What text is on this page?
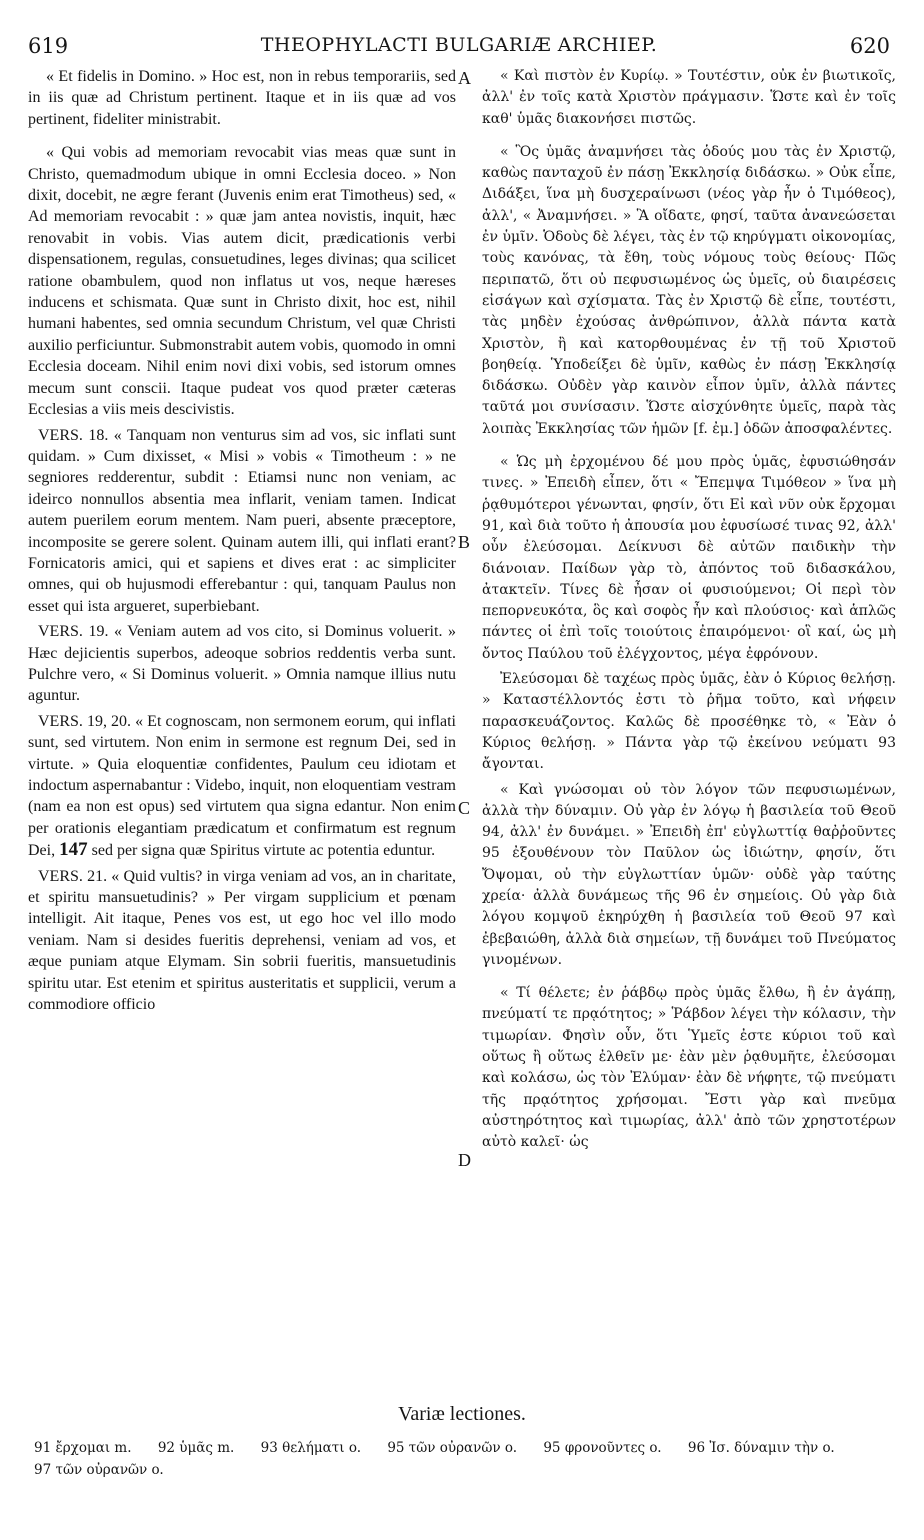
619	THEOPHYLACTI BULGARIÆ ARCHIEP.	620
A
B
C
D

« Et fidelis in Domino. » Hoc est, non in rebus temporariis, sed in iis quæ ad Christum pertinent. Itaque et in iis quæ ad vos pertinent, fideliter ministrabit.

« Qui vobis ad memoriam revocabit vias meas quæ sunt in Christo, quemadmodum ubique in omni Ecclesia doceo. » Non dixit, docebit, ne ægre ferant (Juvenis enim erat Timotheus) sed, « Ad memoriam revocabit : » quæ jam antea novistis, inquit, hæc renovabit in vobis. Vias autem dicit, prædicationis verbi dispensationem, regulas, consuetudines, leges divinas; qua scilicet ratione obambulem, quod non inflatus ut vos, neque hæreses inducens et schismata. Quæ sunt in Christo dixit, hoc est, nihil humani habentes, sed omnia secundum Christum, vel quæ Christi auxilio perficiuntur. Submonstrabit autem vobis, quomodo in omni Ecclesia doceam. Nihil enim novi dixi vobis, sed istorum omnes mecum sunt conscii. Itaque pudeat vos quod præter cæteras Ecclesias a viis meis descivistis.

VERS. 18. « Tanquam non venturus sim ad vos, sic inflati sunt quidam. » Cum dixisset, « Misi » vobis « Timotheum : » ne segniores redderentur, subdit : Etiamsi nunc non veniam, ac ideirco nonnullos absentia mea inflarit, veniam tamen. Indicat autem puerilem eorum mentem. Nam pueri, absente præceptore, incomposite se gerere solent. Quinam autem illi, qui inflati erant? Fornicatoris amici, qui et sapiens et dives erat : ac simpliciter omnes, qui ob hujusmodi efferebantur : qui, tanquam Paulus non esset qui ista argueret, superbiebant.

VERS. 19. « Veniam autem ad vos cito, si Dominus voluerit. » Hæc dejicientis superbos, adeoque sobrios reddentis verba sunt. Pulchre vero, « Si Dominus voluerit. » Omnia namque illius nutu aguntur.

VERS. 19, 20. « Et cognoscam, non sermonem eorum, qui inflati sunt, sed virtutem. Non enim in sermone est regnum Dei, sed in virtute. » Quia eloquentiæ confidentes, Paulum ceu idiotam et indoctum aspernabantur : Videbo, inquit, non eloquentiam vestram (nam ea non est opus) sed virtutem qua signa edantur. Non enim per orationis elegantiam prædicatum et confirmatum est regnum Dei, 147 sed per signa quæ Spiritus virtute ac potentia eduntur.

VERS. 21. « Quid vultis? in virga veniam ad vos, an in charitate, et spiritu mansuetudinis? » Per virgam supplicium et pœnam intelligit. Ait itaque, Penes vos est, ut ego hoc vel illo modo veniam. Nam si desides fueritis deprehensi, veniam ad vos, et æque puniam atque Elymam. Sin sobrii fueritis, mansuetudinis spiritu utar. Est etenim et spiritus austeritatis et supplicii, verum a commodiore officio

« Καὶ πιστὸν ἐν Κυρίῳ. » Τουτέστιν, οὐκ ἐν βιωτικοῖς, ἀλλ' ἐν τοῖς κατὰ Χριστὸν πράγμασιν. Ὥστε καὶ ἐν τοῖς καθ' ὑμᾶς διακονήσει πιστῶς.

« Ὃς ὑμᾶς ἀναμνήσει τὰς ὁδούς μου τὰς ἐν Χριστῷ, καθὼς πανταχοῦ ἐν πάσῃ Ἐκκλησίᾳ διδάσκω. » Οὐκ εἶπε, Διδάξει, ἵνα μὴ δυσχεραίνωσι (νέος γὰρ ἦν ὁ Τιμόθεος), ἀλλ', « Ἀναμνήσει. » Ἃ οἴδατε, φησί, ταῦτα ἀνανεώσεται ἐν ὑμῖν. Ὁδοὺς δὲ λέγει, τὰς ἐν τῷ κηρύγματι οἰκονομίας, τοὺς κανόνας, τὰ ἔθη, τοὺς νόμους τοὺς θείους· Πῶς περιπατῶ, ὅτι οὐ πεφυσιωμένος ὡς ὑμεῖς, οὐ διαιρέσεις εἰσάγων καὶ σχίσματα. Τὰς ἐν Χριστῷ δὲ εἶπε, τουτέστι, τὰς μηδὲν ἐχούσας ἀνθρώπινον, ἀλλὰ πάντα κατὰ Χριστὸν, ἢ καὶ κατορθουμένας ἐν τῇ τοῦ Χριστοῦ βοηθείᾳ. Ὑποδείξει δὲ ὑμῖν, καθὼς ἐν πάσῃ Ἐκκλησίᾳ διδάσκω. Οὐδὲν γὰρ καινὸν εἶπον ὑμῖν, ἀλλὰ πάντες ταῦτά μοι συνίσασιν. Ὥστε αἰσχύνθητε ὑμεῖς, παρὰ τὰς λοιπὰς Ἐκκλησίας τῶν ἡμῶν [f. ἐμ.] ὁδῶν ἀποσφαλέντες.

« Ὡς μὴ ἐρχομένου δέ μου πρὸς ὑμᾶς, ἐφυσιώθησάν τινες. » Ἐπειδὴ εἶπεν, ὅτι « Ἔπεμψα Τιμόθεον » ἵνα μὴ ῥᾳθυμότεροι γένωνται, φησίν, ὅτι Εἰ καὶ νῦν οὐκ ἔρχομαι 91, καὶ διὰ τοῦτο ἡ ἀπουσία μου ἐφυσίωσέ τινας 92, ἀλλ' οὖν ἐλεύσομαι. Δείκνυσι δὲ αὐτῶν παιδικὴν τὴν διάνοιαν. Παίδων γὰρ τὸ, ἀπόντος τοῦ διδασκάλου, ἀτακτεῖν. Τίνες δὲ ἦσαν οἱ φυσιούμενοι; Οἱ περὶ τὸν πεπορνευκότα, ὃς καὶ σοφὸς ἦν καὶ πλούσιος· καὶ ἁπλῶς πάντες οἱ ἐπὶ τοῖς τοιούτοις ἐπαιρόμενοι· οἳ καί, ὡς μὴ ὄντος Παύλου τοῦ ἐλέγχοντος, μέγα ἐφρόνουν.

Ἐλεύσομαι δὲ ταχέως πρὸς ὑμᾶς, ἐὰν ὁ Κύριος θελήσῃ. » Καταστέλλοντός ἐστι τὸ ῥῆμα τοῦτο, καὶ νήφειν παρασκευάζοντος. Καλῶς δὲ προσέθηκε τὸ, « Ἐὰν ὁ Κύριος θελήσῃ. » Πάντα γὰρ τῷ ἐκείνου νεύματι 93 ἄγονται.

« Καὶ γνώσομαι οὐ τὸν λόγον τῶν πεφυσιωμένων, ἀλλὰ τὴν δύναμιν. Οὐ γὰρ ἐν λόγῳ ἡ βασιλεία τοῦ Θεοῦ 94, ἀλλ' ἐν δυνάμει. » Ἐπειδὴ ἐπ' εὐγλωττίᾳ θαῤῥοῦντες 95 ἐξουθένουν τὸν Παῦλον ὡς ἰδιώτην, φησίν, ὅτι Ὄψομαι, οὐ τὴν εὐγλωττίαν ὑμῶν· οὐδὲ γὰρ ταύτης χρεία· ἀλλὰ δυνάμεως τῆς 96 ἐν σημείοις. Οὐ γὰρ διὰ λόγου κομψοῦ ἐκηρύχθη ἡ βασιλεία τοῦ Θεοῦ 97 καὶ ἐβεβαιώθη, ἀλλὰ διὰ σημείων, τῇ δυνάμει τοῦ Πνεύματος γινομένων.

« Τί θέλετε; ἐν ῥάβδῳ πρὸς ὑμᾶς ἔλθω, ἢ ἐν ἀγάπῃ, πνεύματί τε πρᾳότητος; » Ῥάβδον λέγει τὴν κόλασιν, τὴν τιμωρίαν. Φησὶν οὖν, ὅτι Ὑμεῖς ἐστε κύριοι τοῦ καὶ οὕτως ἢ οὕτως ἐλθεῖν με· ἐὰν μὲν ῥᾳθυμῆτε, ἐλεύσομαι καὶ κολάσω, ὡς τὸν Ἐλύμαν· ἐὰν δὲ νήφητε, τῷ πνεύματι τῆς πρᾳότητος χρήσομαι. Ἔστι γὰρ καὶ πνεῦμα αὐστηρότητος καὶ τιμωρίας, ἀλλ' ἀπὸ τῶν χρηστοτέρων αὐτὸ καλεῖ· ὡς

Variæ lectiones.
91 ἔρχομαι m. 92 ὑμᾶς m. 93 θελήματι o. 95 τῶν οὐρανῶν o. 95 φρονοῦντες o. 96 Ἰσ. δύναμιν τὴν o.
97 τῶν οὐρανῶν o.
